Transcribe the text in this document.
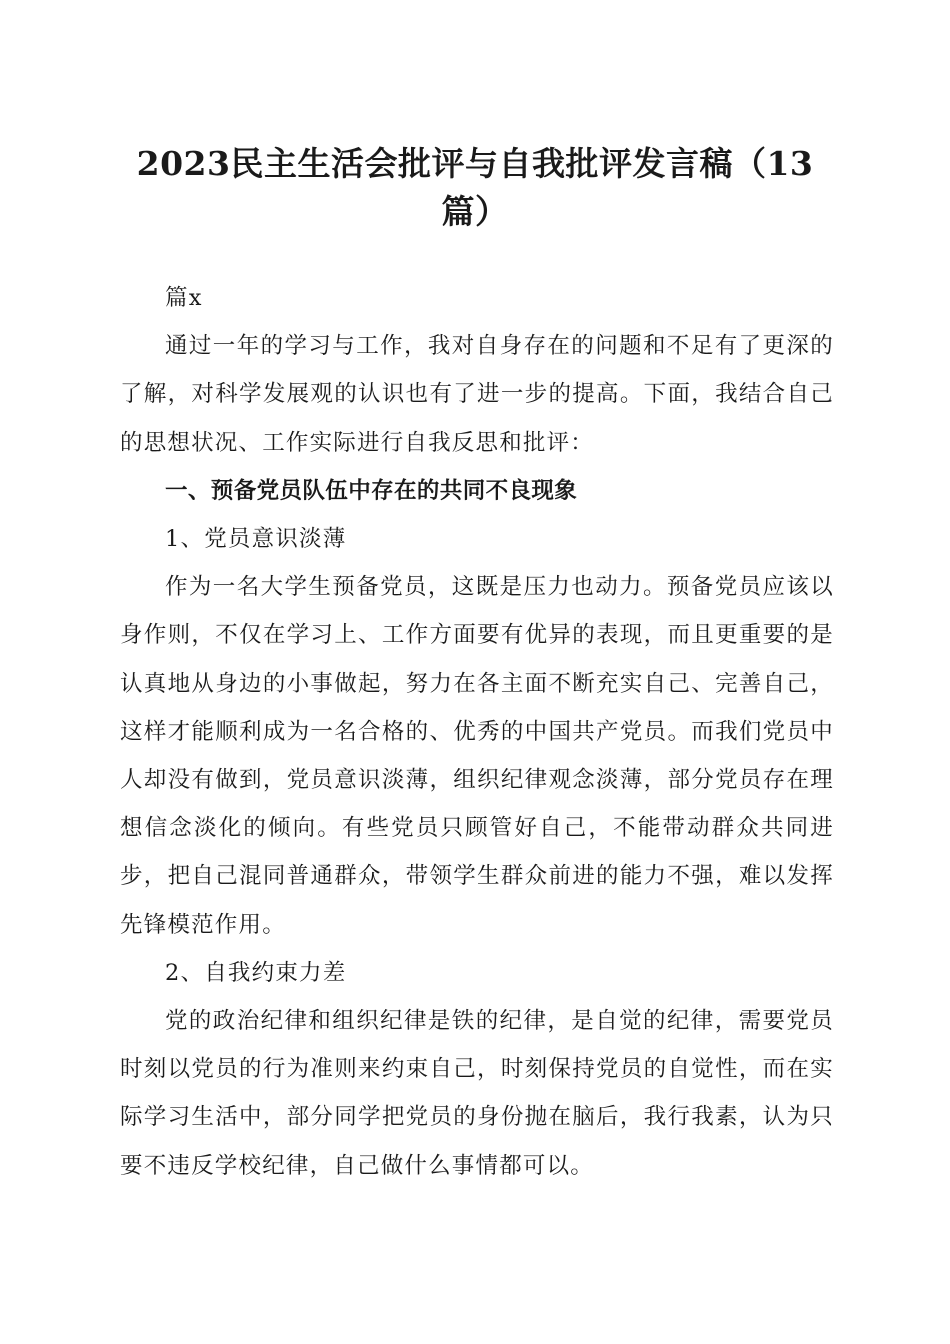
2023民主生活会批评与自我批评发言稿（13篇）

篇x

通过一年的学习与工作，我对自身存在的问题和不足有了更深的了解，对科学发展观的认识也有了进一步的提高。下面，我结合自己的思想状况、工作实际进行自我反思和批评：

一、预备党员队伍中存在的共同不良现象

1、党员意识淡薄

作为一名大学生预备党员，这既是压力也动力。预备党员应该以身作则，不仅在学习上、工作方面要有优异的表现，而且更重要的是认真地从身边的小事做起，努力在各主面不断充实自己、完善自己，这样才能顺利成为一名合格的、优秀的中国共产党员。而我们党员中人却没有做到，党员意识淡薄，组织纪律观念淡薄，部分党员存在理想信念淡化的倾向。有些党员只顾管好自己，不能带动群众共同进步，把自己混同普通群众，带领学生群众前进的能力不强，难以发挥先锋模范作用。

2、自我约束力差

党的政治纪律和组织纪律是铁的纪律，是自觉的纪律，需要党员时刻以党员的行为准则来约束自己，时刻保持党员的自觉性，而在实际学习生活中，部分同学把党员的身份抛在脑后，我行我素，认为只要不违反学校纪律，自己做什么事情都可以。
